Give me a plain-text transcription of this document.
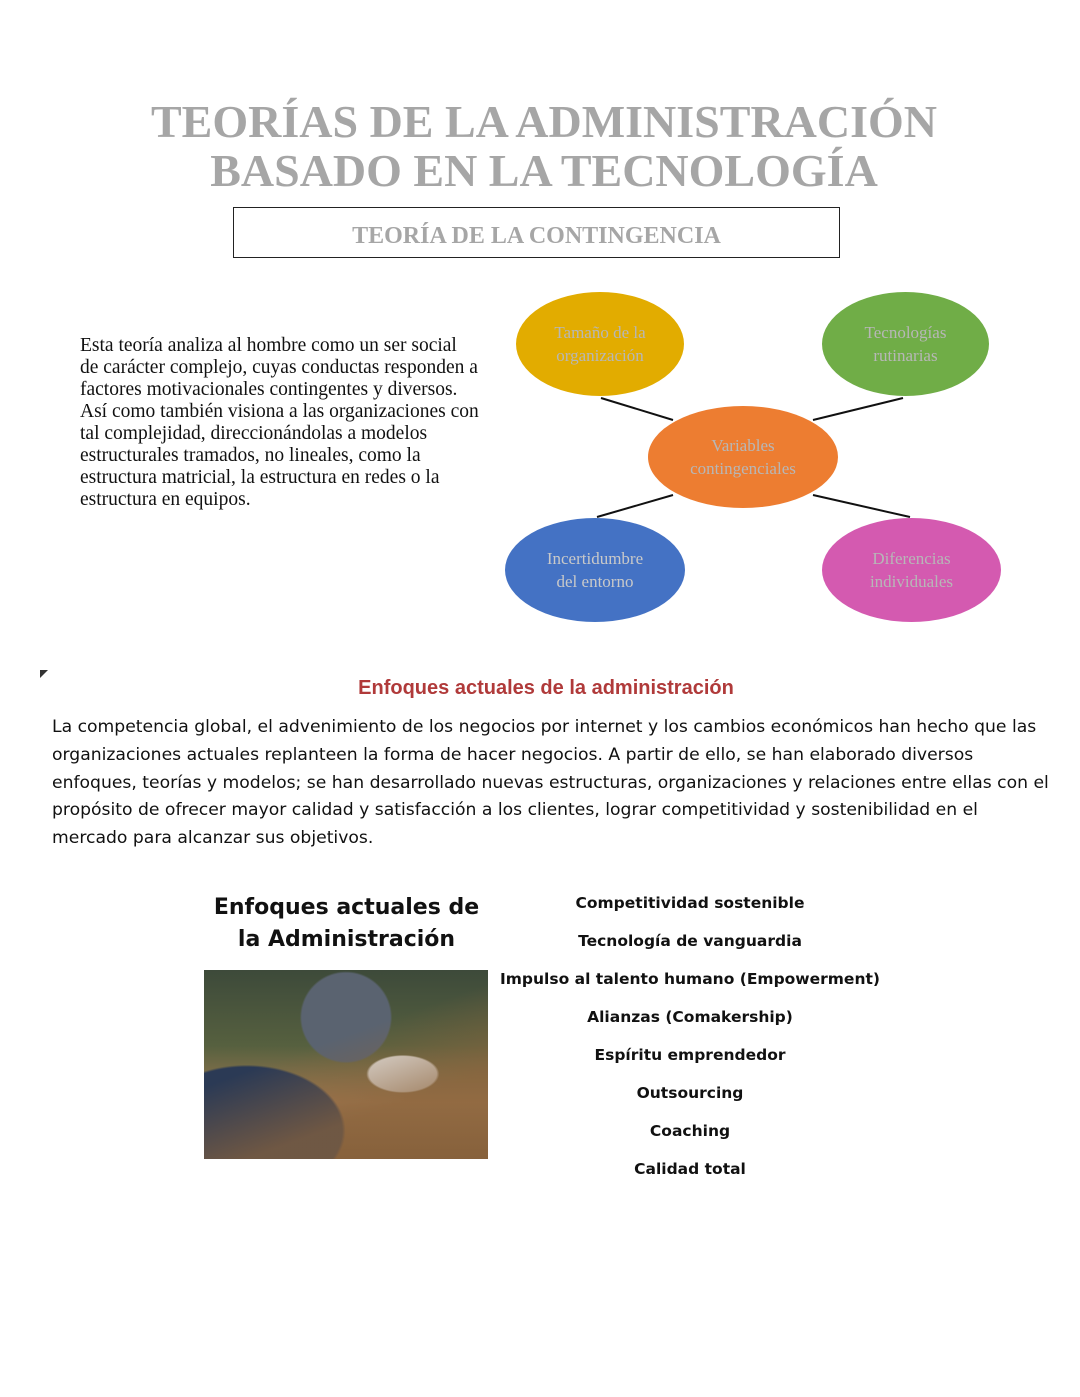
TEORÍAS DE LA ADMINISTRACIÓN
BASADO EN LA TECNOLOGÍA
TEORÍA DE LA CONTINGENCIA
Esta teoría analiza al hombre como un ser social de carácter complejo, cuyas conductas responden a factores motivacionales contingentes y diversos. Así como también visiona a las organizaciones con tal complejidad, direccionándolas a modelos estructurales tramados, no lineales, como la estructura matricial, la estructura en redes o la estructura en equipos.
Tamaño de la organización
Tecnologías rutinarias
Variables contingenciales
Incertidumbre del entorno
Diferencias individuales
Enfoques actuales de la administración
La competencia global, el advenimiento de los negocios por internet y los cambios económicos han hecho que las organizaciones actuales replanteen la forma de hacer negocios. A partir de ello, se han elaborado diversos enfoques, teorías y modelos; se han desarrollado nuevas estructuras, organizaciones y relaciones entre ellas con el propósito de ofrecer mayor calidad y satisfacción a los clientes, lograr competitividad y sostenibilidad en el mercado para alcanzar sus objetivos.
Enfoques actuales de la Administración
Competitividad sostenible
Tecnología de vanguardia
Impulso al talento humano (Empowerment)
Alianzas (Comakership)
Espíritu emprendedor
Outsourcing
Coaching
Calidad total
